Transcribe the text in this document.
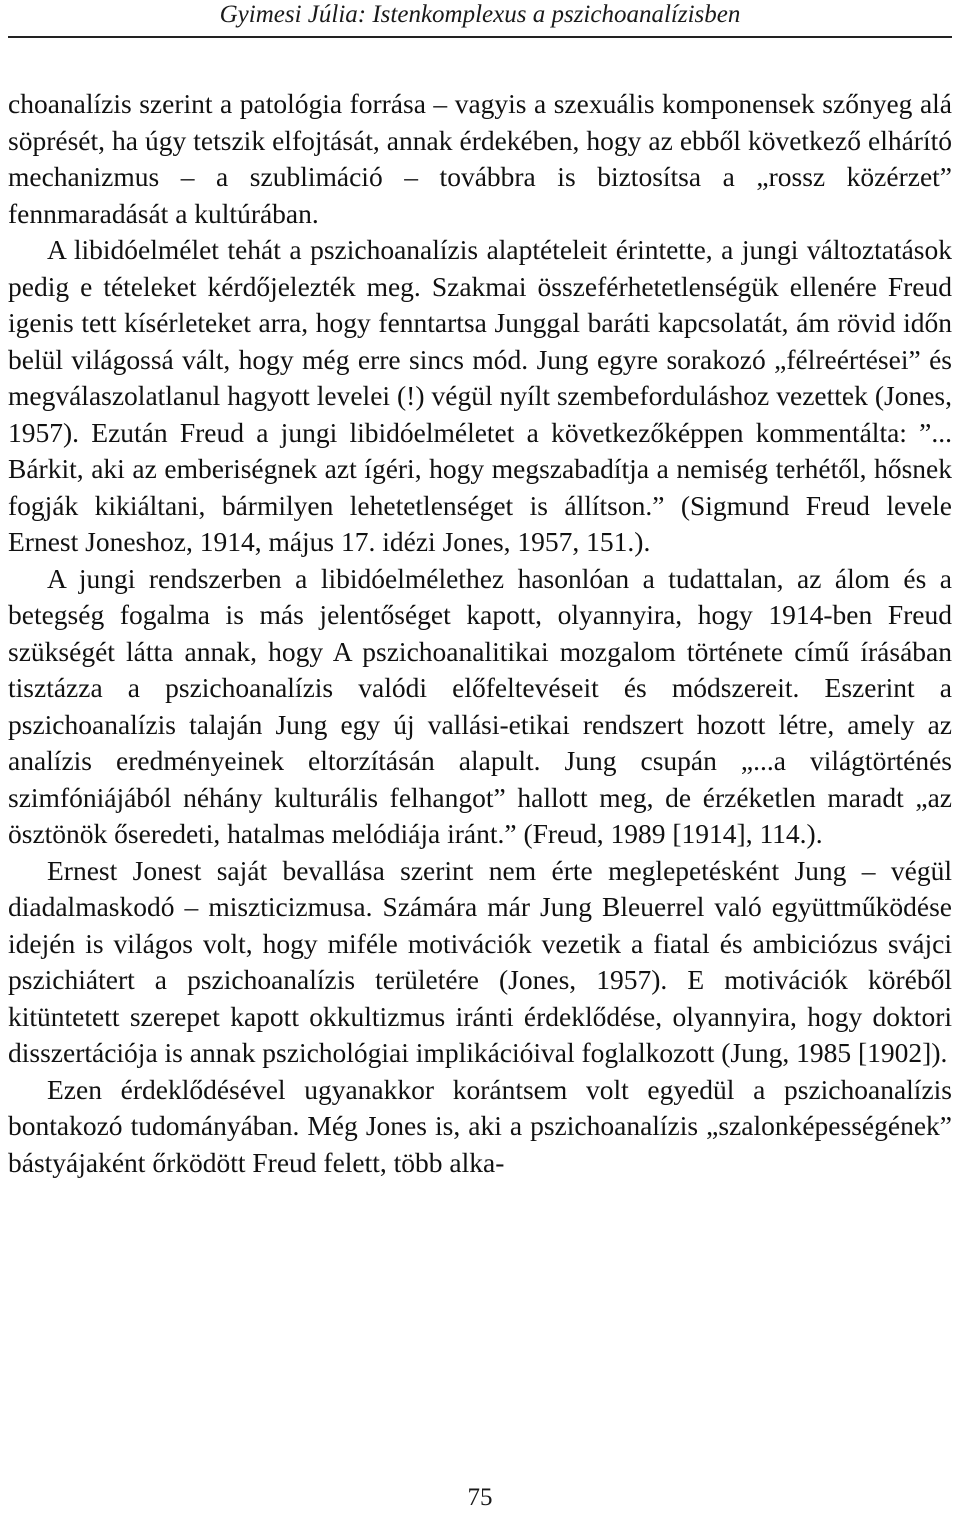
Gyimesi Júlia: Istenkomplexus a pszichoanalízisben

choanalízis szerint a patológia forrása – vagyis a szexuális komponensek szőnyeg alá söprését, ha úgy tetszik elfojtását, annak érdekében, hogy az ebből következő elhárító mechanizmus – a szublimáció – továbbra is biztosítsa a „rossz közérzet” fennmaradását a kultúrában.

A libidóelmélet tehát a pszichoanalízis alaptételeit érintette, a jungi változtatások pedig e tételeket kérdőjelezték meg. Szakmai összeférhetetlenségük ellenére Freud igenis tett kísérleteket arra, hogy fenntartsa Junggal baráti kapcsolatát, ám rövid időn belül világossá vált, hogy még erre sincs mód. Jung egyre sorakozó „félreértései” és megválaszolatlanul hagyott levelei (!) végül nyílt szembeforduláshoz vezettek (Jones, 1957). Ezután Freud a jungi libidóelméletet a következőképpen kommentálta: ”... Bárkit, aki az emberiségnek azt ígéri, hogy megszabadítja a nemiség terhétől, hősnek fogják kikiáltani, bármilyen lehetetlenséget is állítson.” (Sigmund Freud levele Ernest Joneshoz, 1914, május 17. idézi Jones, 1957, 151.).

A jungi rendszerben a libidóelmélethez hasonlóan a tudattalan, az álom és a betegség fogalma is más jelentőséget kapott, olyannyira, hogy 1914-ben Freud szükségét látta annak, hogy A pszichoanalitikai mozgalom története című írásában tisztázza a pszichoanalízis valódi előfeltevéseit és módszereit. Eszerint a pszichoanalízis talaján Jung egy új vallási-etikai rendszert hozott létre, amely az analízis eredményeinek eltorzításán alapult. Jung csupán „...a világtörténés szimfóniájából néhány kulturális felhangot” hallott meg, de érzéketlen maradt „az ösztönök őseredeti, hatalmas melódiája iránt.” (Freud, 1989 [1914], 114.).

Ernest Jonest saját bevallása szerint nem érte meglepetésként Jung – végül diadalmaskodó – miszticizmusa. Számára már Jung Bleuerrel való együttműködése idején is világos volt, hogy miféle motivációk vezetik a fiatal és ambiciózus svájci pszichiátert a pszichoanalízis területére (Jones, 1957). E motivációk köréből kitüntetett szerepet kapott okkultizmus iránti érdeklődése, olyannyira, hogy doktori disszertációja is annak pszichológiai implikációival foglalkozott (Jung, 1985 [1902]).

Ezen érdeklődésével ugyanakkor korántsem volt egyedül a pszichoanalízis bontakozó tudományában. Még Jones is, aki a pszichoanalízis „szalonképességének” bástyájaként őrködött Freud felett, több alka-

75
